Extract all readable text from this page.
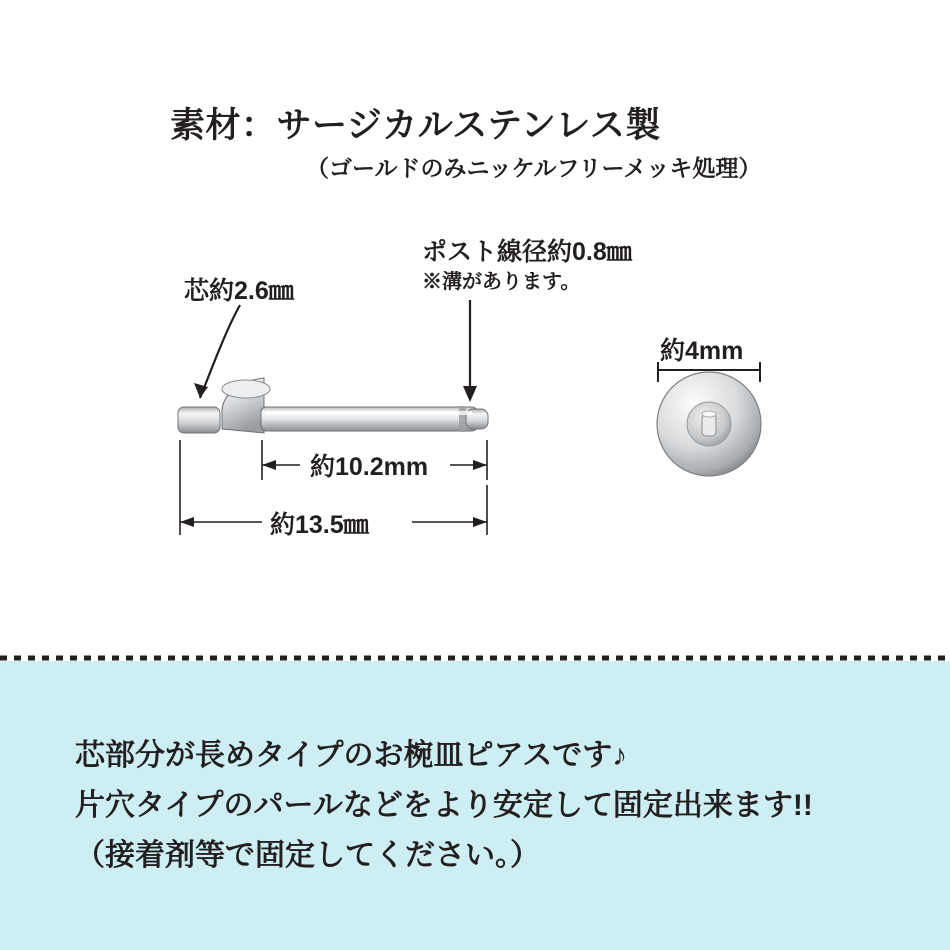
素材：サージカルステンレス製
（ゴールドのみニッケルフリーメッキ処理）
芯約2.6㎜
ポスト線径約0.8㎜
※溝があります。
約4mm
約10.2mm
約13.5㎜
芯部分が長めタイプのお椀皿ピアスです♪
片穴タイプのパールなどをより安定して固定出来ます!!
（接着剤等で固定してください。）
